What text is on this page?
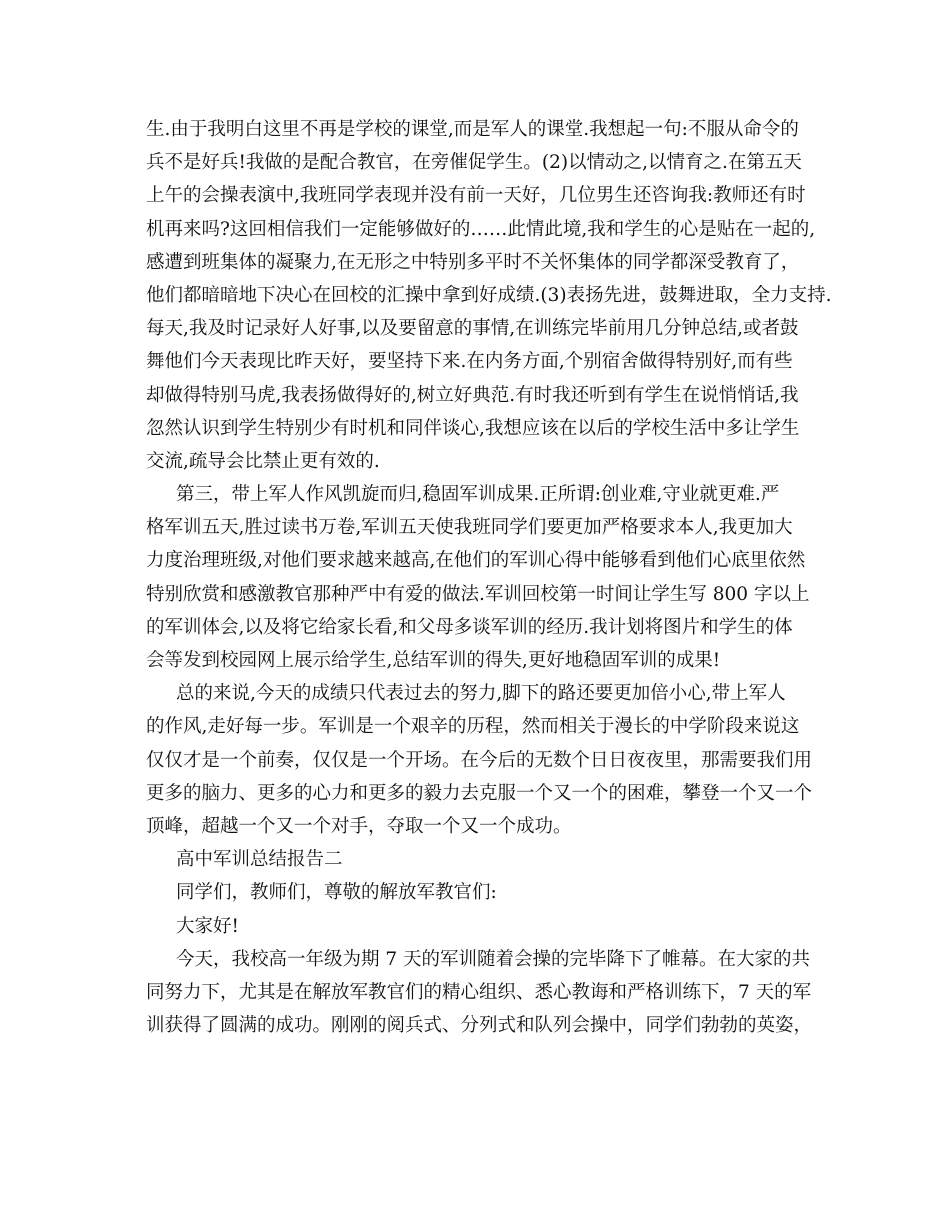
生.由于我明白这里不再是学校的课堂,而是军人的课堂.我想起一句:不服从命令的
兵不是好兵!我做的是配合教官，在旁催促学生。(2)以情动之,以情育之.在第五天
上午的会操表演中,我班同学表现并没有前一天好，几位男生还咨询我:教师还有时
机再来吗?这回相信我们一定能够做好的……此情此境,我和学生的心是贴在一起的,
感遭到班集体的凝聚力,在无形之中特别多平时不关怀集体的同学都深受教育了，
他们都暗暗地下决心在回校的汇操中拿到好成绩.(3)表扬先进，鼓舞进取，全力支持.
每天,我及时记录好人好事,以及要留意的事情,在训练完毕前用几分钟总结,或者鼓
舞他们今天表现比昨天好，要坚持下来.在内务方面,个别宿舍做得特别好,而有些
却做得特别马虎,我表扬做得好的,树立好典范.有时我还听到有学生在说悄悄话,我
忽然认识到学生特别少有时机和同伴谈心,我想应该在以后的学校生活中多让学生
交流,疏导会比禁止更有效的.
第三，带上军人作风凯旋而归,稳固军训成果.正所谓:创业难,守业就更难.严
格军训五天,胜过读书万卷,军训五天使我班同学们要更加严格要求本人,我更加大
力度治理班级,对他们要求越来越高,在他们的军训心得中能够看到他们心底里依然
特别欣赏和感激教官那种严中有爱的做法.军训回校第一时间让学生写 800 字以上
的军训体会,以及将它给家长看,和父母多谈军训的经历.我计划将图片和学生的体
会等发到校园网上展示给学生,总结军训的得失,更好地稳固军训的成果!
总的来说,今天的成绩只代表过去的努力,脚下的路还要更加倍小心,带上军人
的作风,走好每一步。军训是一个艰辛的历程，然而相关于漫长的中学阶段来说这
仅仅才是一个前奏，仅仅是一个开场。在今后的无数个日日夜夜里，那需要我们用
更多的脑力、更多的心力和更多的毅力去克服一个又一个的困难，攀登一个又一个
顶峰，超越一个又一个对手，夺取一个又一个成功。
高中军训总结报告二
同学们，教师们，尊敬的解放军教官们:
大家好!
今天，我校高一年级为期 7 天的军训随着会操的完毕降下了帷幕。在大家的共
同努力下，尤其是在解放军教官们的精心组织、悉心教诲和严格训练下，7 天的军
训获得了圆满的成功。刚刚的阅兵式、分列式和队列会操中，同学们勃勃的英姿，
